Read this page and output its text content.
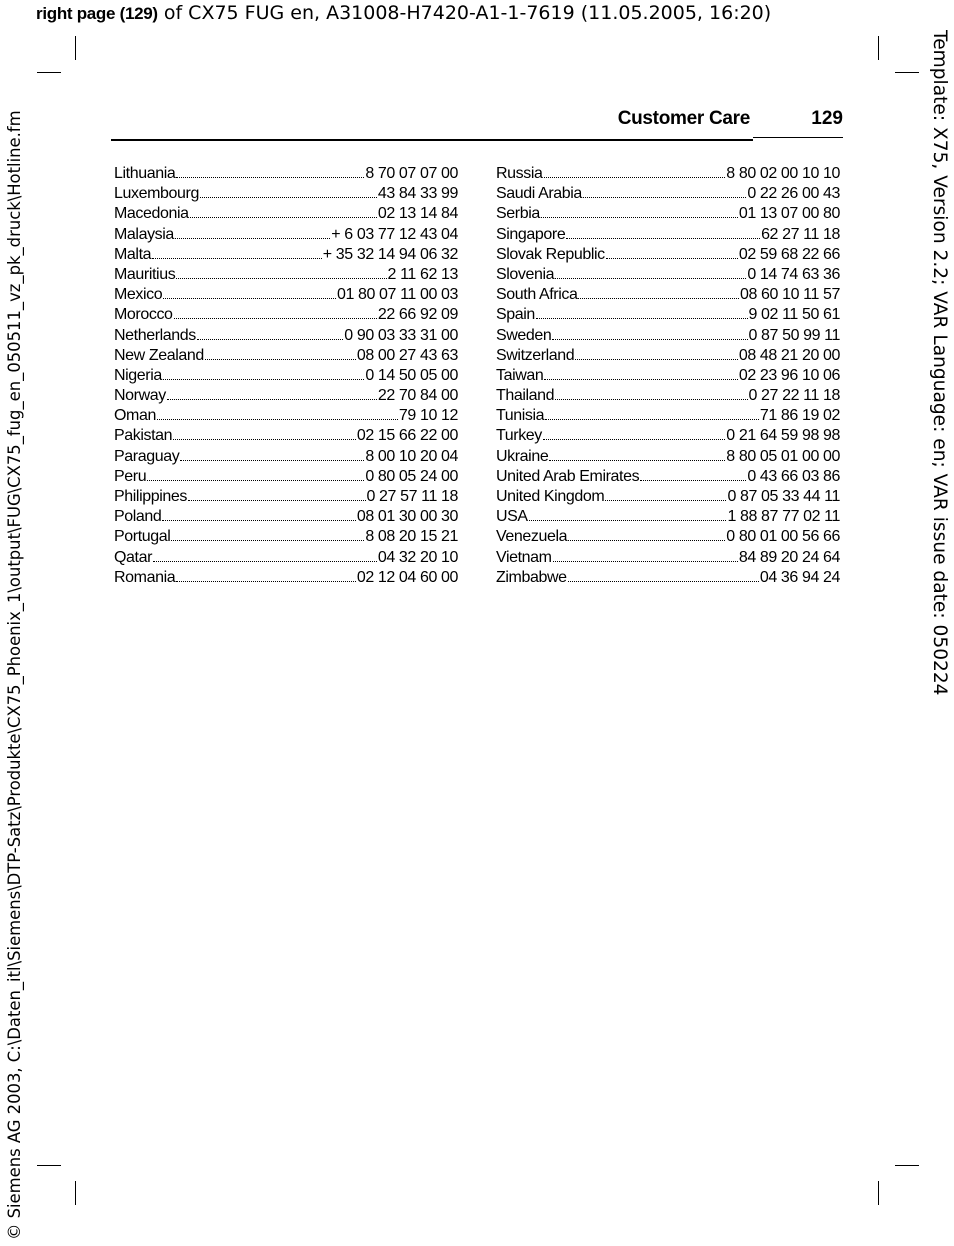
right page (129) of CX75 FUG en, A31008-H7420-A1-1-7619 (11.05.2005, 16:20)
© Siemens AG 2003, C:\Daten_itl\Siemens\DTP-Satz\Produkte\CX75_Phoenix_1\output\FUG\CX75_fug_en_050511_vz_pk_druck\Hotline.fm	Template: X75, Version 2.2; VAR Language: en; VAR issue date: 050224
Customer Care	129
Lithuania	8 70 07 07 00
Luxembourg	43 84 33 99
Macedonia	02 13 14 84
Malaysia	+ 6 03 77 12 43 04
Malta	+ 35 32 14 94 06 32
Mauritius	2 11 62 13
Mexico	01 80 07 11 00 03
Morocco	22 66 92 09
Netherlands	0 90 03 33 31 00
New Zealand	08 00 27 43 63
Nigeria	0 14 50 05 00
Norway	22 70 84 00
Oman	79 10 12
Pakistan	02 15 66 22 00
Paraguay	8 00 10 20 04
Peru	0 80 05 24 00
Philippines	0 27 57 11 18
Poland	08 01 30 00 30
Portugal	8 08 20 15 21
Qatar	04 32 20 10
Romania	02 12 04 60 00
Russia	8 80 02 00 10 10
Saudi Arabia	0 22 26 00 43
Serbia	01 13 07 00 80
Singapore	62 27 11 18
Slovak Republic	02 59 68 22 66
Slovenia	0 14 74 63 36
South Africa	08 60 10 11 57
Spain	9 02 11 50 61
Sweden	0 87 50 99 11
Switzerland	08 48 21 20 00
Taiwan	02 23 96 10 06
Thailand	0 27 22 11 18
Tunisia	71 86 19 02
Turkey	0 21 64 59 98 98
Ukraine	8 80 05 01 00 00
United Arab Emirates	0 43 66 03 86
United Kingdom	0 87 05 33 44 11
USA	1 88 87 77 02 11
Venezuela	0 80 01 00 56 66
Vietnam	84 89 20 24 64
Zimbabwe	04 36 94 24
